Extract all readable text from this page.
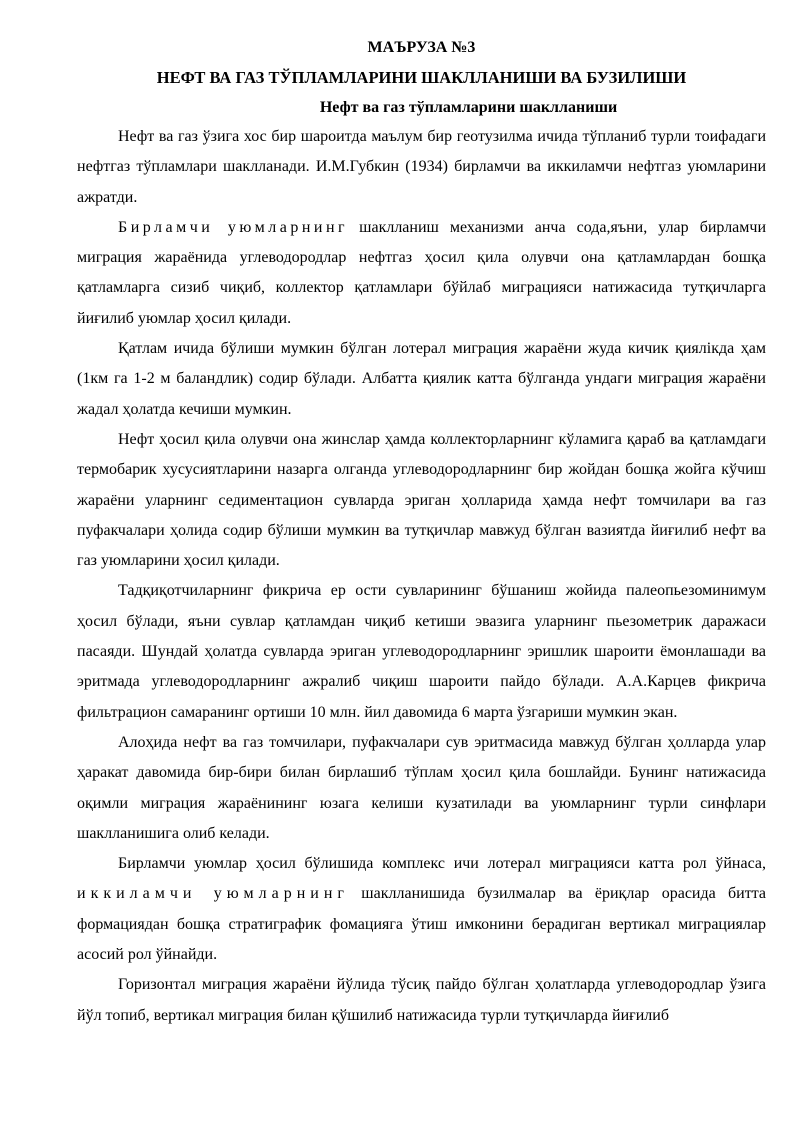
МАЪРУЗА №3

НЕФТ ВА ГАЗ ТЎПЛАМЛАРИНИ ШАКЛЛАНИШИ ВА БУЗИЛИШИ

Нефт ва газ тўпламларини шаклланиши

Нефт ва газ ўзига хос бир шароитда маълум бир геотузилма ичида тўпланиб турли тоифадаги нефтгаз тўпламлари шаклланади. И.М.Губкин (1934) бирламчи ва иккиламчи нефтгаз уюмларини ажратди.

Бирламчи уюмларнинг шаклланиш механизми анча сода,яъни, улар бирламчи миграция жараёнида углеводородлар нефтгаз ҳосил қила олувчи она қатламлардан бошқа қатламларга сизиб чиқиб, коллектор қатламлари бўйлаб миграцияси натижасида тутқичларга йиғилиб уюмлар ҳосил қилади.

Қатлам ичида бўлиши мумкин бўлган лотерал миграция жараёни жуда кичик қиялікда ҳам (1км га 1-2 м баландлик) содир бўлади. Албатта қиялик катта бўлганда ундаги миграция жараёни жадал ҳолатда кечиши мумкин.

Нефт ҳосил қила олувчи она жинслар ҳамда коллекторларнинг кўламига қараб ва қатламдаги термобарик хусусиятларини назарга олганда углеводородларнинг бир жойдан бошқа жойга кўчиш жараёни уларнинг седиментацион сувларда эриган ҳолларида ҳамда нефт томчилари ва газ пуфакчалари ҳолида содир бўлиши мумкин ва тутқичлар мавжуд бўлган вазиятда йиғилиб нефт ва газ уюмларини ҳосил қилади.

Тадқиқотчиларнинг фикрича ер ости сувларининг бўшаниш жойида палеопьезоминимум ҳосил бўлади, яъни сувлар қатламдан чиқиб кетиши эвазига уларнинг пьезометрик даражаси пасаяди. Шундай ҳолатда сувларда эриган углеводородларнинг эришлик шароити ёмонлашади ва эритмада углеводородларнинг ажралиб чиқиш шароити пайдо бўлади. А.А.Карцев фикрича фильтрацион самаранинг ортиши 10 млн. йил давомида 6 марта ўзгариши мумкин экан.

Алоҳида нефт ва газ томчилари, пуфакчалари сув эритмасида мавжуд бўлган ҳолларда улар ҳаракат давомида бир-бири билан бирлашиб тўплам ҳосил қила бошлайди. Бунинг натижасида оқимли миграция жараёнининг юзага келиши кузатилади ва уюмларнинг турли синфлари шаклланишига олиб келади.

Бирламчи уюмлар ҳосил бўлишида комплекс ичи лотерал миграцияси катта рол ўйнаса, иккиламчи уюмларнинг шаклланишида бузилмалар ва ёриқлар орасида битта формациядан бошқа стратиграфик фомацияга ўтиш имконини берадиган вертикал миграциялар асосий рол ўйнайди.

Горизонтал миграция жараёни йўлида тўсиқ пайдо бўлган ҳолатларда углеводородлар ўзига йўл топиб, вертикал миграция билан қўшилиб натижасида турли тутқичларда йиғилиб
